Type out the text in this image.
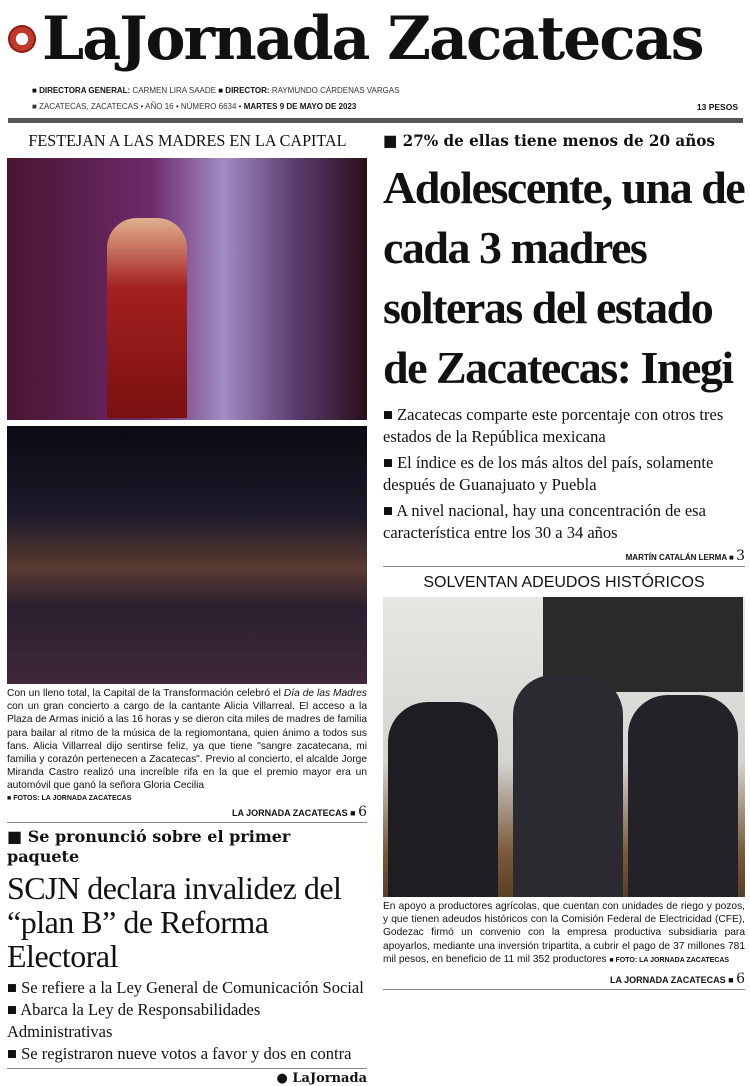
LaJornada Zacatecas
■ DIRECTORA GENERAL: CARMEN LIRA SAADE ■ DIRECTOR: RAYMUNDO CÁRDENAS VARGAS
■ ZACATECAS, ZACATECAS • AÑO 16 • NÚMERO 6634 • MARTES 9 DE MAYO DE 2023	13 PESOS
FESTEJAN A LAS MADRES EN LA CAPITAL
Con un lleno total, la Capital de la Transformación celebró el Día de las Madres con un gran concierto a cargo de la cantante Alicia Villarreal. El acceso a la Plaza de Armas inició a las 16 horas y se dieron cita miles de madres de familia para bailar al ritmo de la música de la regiomontana, quien ánimo a todos sus fans. Alicia Villarreal dijo sentirse feliz, ya que tiene "sangre zacatecana, mi familia y corazón pertenecen a Zacatecas". Previo al concierto, el alcalde Jorge Miranda Castro realizó una increíble rifa en la que el premio mayor era un automóvil que ganó la señora Gloria Cecilia
■ FOTOS: LA JORNADA ZACATECAS
LA JORNADA ZACATECAS ■ 6
■ Se pronunció sobre el primer paquete
SCJN declara invalidez del “plan B” de Reforma Electoral
■ Se refiere a la Ley General de Comunicación Social
■ Abarca la Ley de Responsabilidades Administrativas
■ Se registraron nueve votos a favor y dos en contra
● LaJornada
■ 27% de ellas tiene menos de 20 años
Adolescente, una de cada 3 madres solteras del estado de Zacatecas: Inegi
■ Zacatecas comparte este porcentaje con otros tres estados de la República mexicana
■ El índice es de los más altos del país, solamente después de Guanajuato y Puebla
■ A nivel nacional, hay una concentración de esa característica entre los 30 a 34 años
MARTÍN CATALÁN LERMA ■ 3
SOLVENTAN ADEUDOS HISTÓRICOS
En apoyo a productores agrícolas, que cuentan con unidades de riego y pozos, y que tienen adeudos históricos con la Comisión Federal de Electricidad (CFE), Godezac firmó un convenio con la empresa productiva subsidiaria para apoyarlos, mediante una inversión tripartita, a cubrir el pago de 37 millones 781 mil pesos, en beneficio de 11 mil 352 productores ■ FOTO: LA JORNADA ZACATECAS
LA JORNADA ZACATECAS ■ 6
